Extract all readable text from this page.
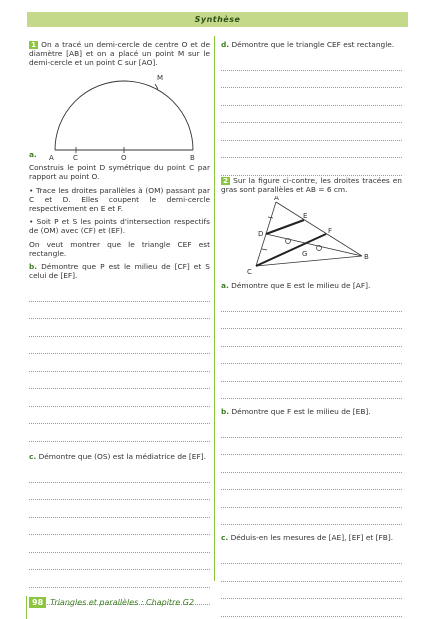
Synthèse

1 On a tracé un demi-cercle de centre O et de diamètre [AB] et on a placé un point M sur le demi-cercle et un point C sur [AO].

M
A	C	O	B

a.

Construis le point D symétrique du point C par rapport au point O.

• Trace les droites parallèles à (OM) passant par C et D. Elles coupent le demi-cercle respectivement en E et F.

• Soit P et S les points d'intersection respectifs de (OM) avec (CF) et (EF).

On veut montrer que le triangle CEF est rectangle.

b. Démontre que P est le milieu de [CF] et S celui de [EF].

c. Démontre que (OS) est la médiatrice de [EF].

d. Démontre que le triangle CEF est rectangle.

2 Sur la figure ci-contre, les droites tracées en gras sont parallèles et AB = 6 cm.

A
E
D	F
G
C
B

a. Démontre que E est le milieu de [AF].

b. Démontre que F est le milieu de [EB].

c. Déduis-en les mesures de [AE], [EF] et [FB].

98 Triangles et parallèles : Chapitre G2
